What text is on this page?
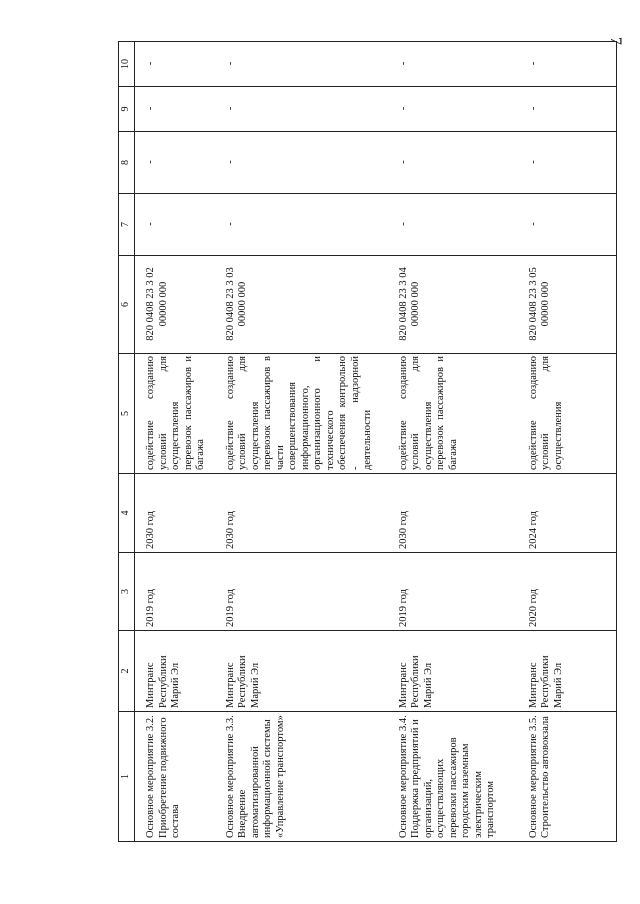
7
1	2	3	4	5	6	7	8	9	10
Основное мероприятие 3.2. Приобретение подвижного состава	Минтранс Республики Марий Эл	2019 год	2030 год	содействие созданию условий для осуществления перевозок пассажиров и багажа	820 0408 23 3 02 00000 000	-	-	-	-
Основное мероприятие 3.3. Внедрение автоматизированной информационной системы «Управление транспортом»	Минтранс Республики Марий Эл	2019 год	2030 год	содействие созданию условий для осуществления перевозок пассажиров в части совершенствования информационного, организационного и технического обеспечения контрольно - надзорной деятельности	820 0408 23 3 03 00000 000	-	-	-	-
Основное мероприятие 3.4. Поддержка предприятий и организаций, осуществляющих перевозки пассажиров городским наземным электрическим транспортом	Минтранс Республики Марий Эл	2019 год	2030 год	содействие созданию условий для осуществления перевозок пассажиров и багажа	820 0408 23 3 04 00000 000	-	-	-	-
Основное мероприятие 3.5. Строительство автовокзала	Минтранс Республики Марий Эл	2020 год	2024 год	содействие созданию условий для осуществления	820 0408 23 3 05 00000 000	-	-	-	-
